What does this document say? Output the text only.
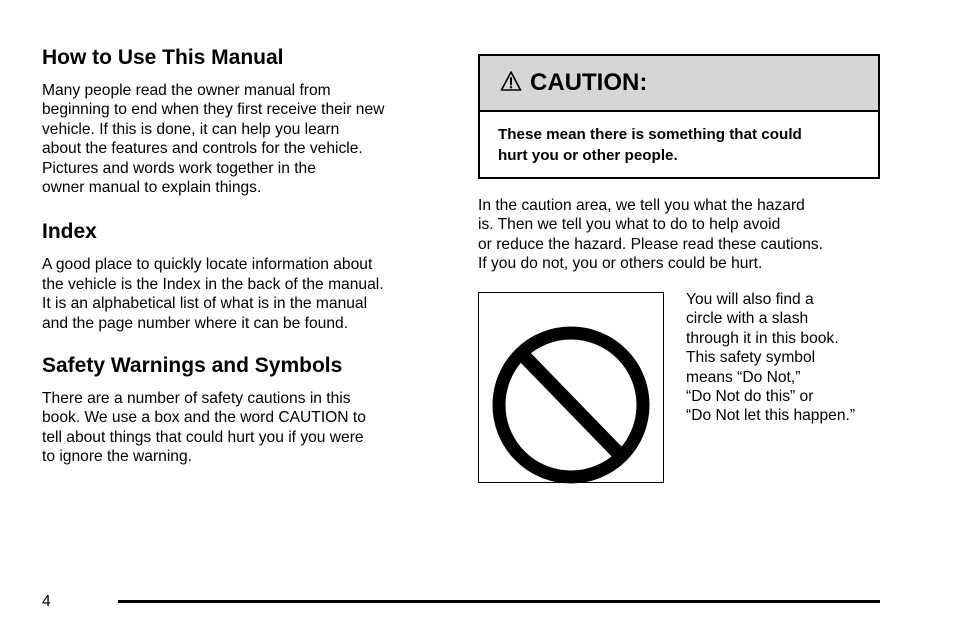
How to Use This Manual

Many people read the owner manual from
beginning to end when they first receive their new
vehicle. If this is done, it can help you learn
about the features and controls for the vehicle.
Pictures and words work together in the
owner manual to explain things.

Index

A good place to quickly locate information about
the vehicle is the Index in the back of the manual.
It is an alphabetical list of what is in the manual
and the page number where it can be found.

Safety Warnings and Symbols

There are a number of safety cautions in this
book. We use a box and the word CAUTION to
tell about things that could hurt you if you were
to ignore the warning.

CAUTION:
These mean there is something that could
hurt you or other people.

In the caution area, we tell you what the hazard
is. Then we tell you what to do to help avoid
or reduce the hazard. Please read these cautions.
If you do not, you or others could be hurt.

You will also find a
circle with a slash
through it in this book.
This safety symbol
means “Do Not,”
“Do Not do this” or
“Do Not let this happen.”

4
